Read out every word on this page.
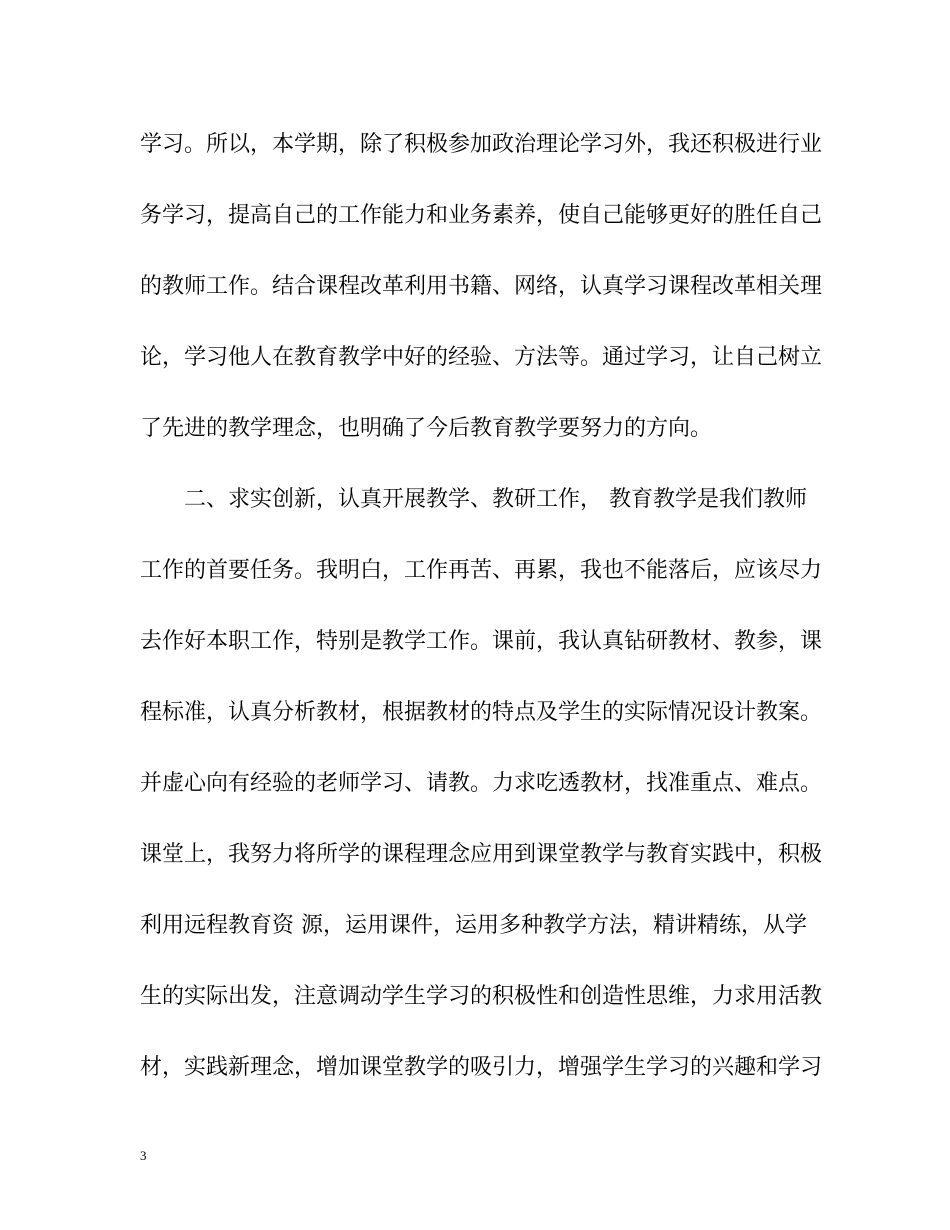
学习。所以，本学期，除了积极参加政治理论学习外，我还积极进行业
务学习，提高自己的工作能力和业务素养，使自己能够更好的胜任自己
的教师工作。结合课程改革利用书籍、网络，认真学习课程改革相关理
论，学习他人在教育教学中好的经验、方法等。通过学习，让自己树立
了先进的教学理念，也明确了今后教育教学要努力的方向。
二、求实创新，认真开展教学、教研工作， 教育教学是我们教师
工作的首要任务。我明白，工作再苦、再累，我也不能落后，应该尽力
去作好本职工作，特别是教学工作。课前，我认真钻研教材、教参，课
程标准，认真分析教材，根据教材的特点及学生的实际情况设计教案。
并虚心向有经验的老师学习、请教。力求吃透教材，找准重点、难点。
课堂上，我努力将所学的课程理念应用到课堂教学与教育实践中，积极
利用远程教育资 源，运用课件，运用多种教学方法，精讲精练，从学
生的实际出发，注意调动学生学习的积极性和创造性思维，力求用活教
材，实践新理念，增加课堂教学的吸引力，增强学生学习的兴趣和学习
3
